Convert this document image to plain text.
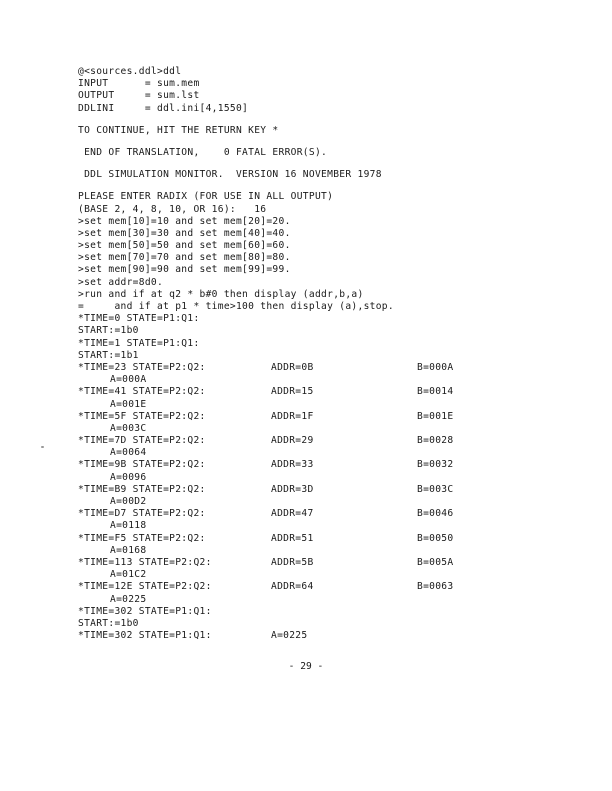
@<sources.ddl>ddl
INPUT      = sum.mem
OUTPUT     = sum.lst
DDLINI     = ddl.ini[4,1550]
TO CONTINUE, HIT THE RETURN KEY *
END OF TRANSLATION,    0 FATAL ERROR(S).
DDL SIMULATION MONITOR.  VERSION 16 NOVEMBER 1978
PLEASE ENTER RADIX (FOR USE IN ALL OUTPUT)
(BASE 2, 4, 8, 10, OR 16):   16
>set mem[10]=10 and set mem[20]=20.
>set mem[30]=30 and set mem[40]=40.
>set mem[50]=50 and set mem[60]=60.
>set mem[70]=70 and set mem[80]=80.
>set mem[90]=90 and set mem[99]=99.
>set addr=8d0.
>run and if at q2 * b#0 then display (addr,b,a)
=     and if at p1 * time>100 then display (a),stop.
*TIME=0 STATE=P1:Q1:
START:=1b0
*TIME=1 STATE=P1:Q1:
START:=1b1
*TIME=23 STATE=P2:Q2:	ADDR=0B	B=000A
A=000A
*TIME=41 STATE=P2:Q2:	ADDR=15	B=0014
A=001E
*TIME=5F STATE=P2:Q2:	ADDR=1F	B=001E
A=003C
*TIME=7D STATE=P2:Q2:	ADDR=29	B=0028
A=0064
*TIME=9B STATE=P2:Q2:	ADDR=33	B=0032
A=0096
*TIME=B9 STATE=P2:Q2:	ADDR=3D	B=003C
A=00D2
*TIME=D7 STATE=P2:Q2:	ADDR=47	B=0046
A=0118
*TIME=F5 STATE=P2:Q2:	ADDR=51	B=0050
A=0168
*TIME=113 STATE=P2:Q2:	ADDR=5B	B=005A
A=01C2
*TIME=12E STATE=P2:Q2:	ADDR=64	B=0063
A=0225
*TIME=302 STATE=P1:Q1:
START:=1b0
*TIME=302 STATE=P1:Q1:	A=0225
- 29 -
